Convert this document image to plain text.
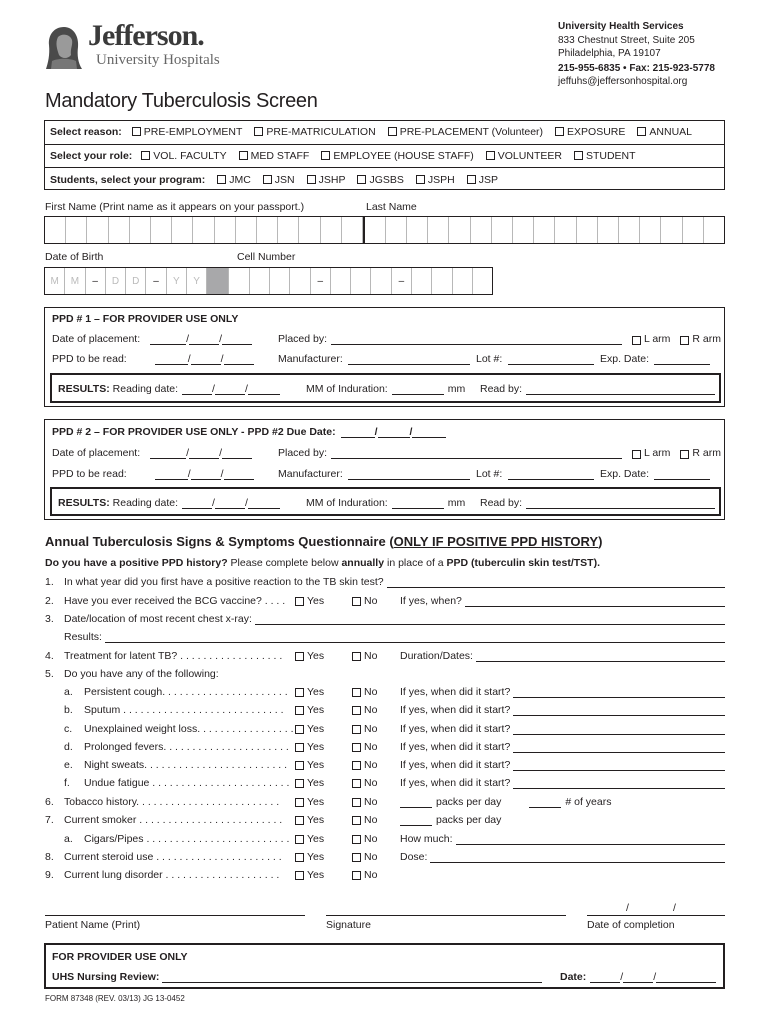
Jefferson.
University Hospitals
University Health Services
833 Chestnut Street, Suite 205
Philadelphia, PA 19107
215-955-6835 • Fax: 215-923-5778
jeffuhs@jeffersonhospital.org
Mandatory Tuberculosis Screen
Select reason:	PRE-EMPLOYMENT	PRE-MATRICULATION	PRE-PLACEMENT (Volunteer)	EXPOSURE	ANNUAL
Select your role:	VOL. FACULTY	MED STAFF	EMPLOYEE (HOUSE STAFF)	VOLUNTEER	STUDENT
Students, select your program:	JMC	JSN	JSHP	JGSBS	JSPH	JSP
First Name (Print name as it appears on your passport.)	Last Name
Date of Birth	Cell Number
M	M	–	D	D	–	Y	Y	–	–
PPD # 1 – FOR PROVIDER USE ONLY
Date of placement:	/	/	Placed by:	L arm R arm
PPD to be read:	/	/	Manufacturer:	Lot #:	Exp. Date:
RESULTS:
Reading date:	/	/	MM of Induration:	mm Read by:
PPD # 2 – FOR PROVIDER USE ONLY - PPD #2 Due Date:	/	/
Date of placement:	/	/	Placed by:	L arm R arm
PPD to be read:	/	/	Manufacturer:	Lot #:	Exp. Date:
RESULTS:
Reading date:	/	/	MM of Induration:	mm Read by:
Annual Tuberculosis Signs & Symptoms Questionnaire (ONLY IF POSITIVE PPD HISTORY)
Do you have a positive PPD history? Please complete below annually in place of a PPD (tuberculin skin test/TST).
1. In what year did you first have a positive reaction to the TB skin test?
2. Have you ever received the BCG vaccine? . . . .	Yes	No	If yes, when?
3. Date/location of most recent chest x-ray:
Results:
4. Treatment for latent TB? . . . . . . . . . . . . . . . . . .	Yes	No	Duration/Dates:
5. Do you have any of the following:
a.	Persistent cough. . . . . . . . . . . . . . . . . . . . . .	Yes	No	If yes, when did it start?
b.	Sputum . . . . . . . . . . . . . . . . . . . . . . . . . . . .	Yes	No	If yes, when did it start?
c.	Unexplained weight loss. . . . . . . . . . . . . . . . . Yes	No	If yes, when did it start?
d.	Prolonged fevers. . . . . . . . . . . . . . . . . . . . . .	Yes	No	If yes, when did it start?
e.	Night sweats. . . . . . . . . . . . . . . . . . . . . . . . .	Yes	No	If yes, when did it start?
f.	Undue fatigue . . . . . . . . . . . . . . . . . . . . . . . .	Yes	No	If yes, when did it start?
6. Tobacco history. . . . . . . . . . . . . . . . . . . . . . . . .	Yes	No	packs per day	# of years
7. Current smoker . . . . . . . . . . . . . . . . . . . . . . . . .	Yes	No	packs per day
a.	Cigars/Pipes . . . . . . . . . . . . . . . . . . . . . . . . .	Yes	No	How much:
8. Current steroid use . . . . . . . . . . . . . . . . . . . . . .	Yes	No	Dose:
9. Current lung disorder . . . . . . . . . . . . . . . . . . . .	Yes	No
Patient Name (Print)	Signature
/	/
Date of completion
FOR PROVIDER USE ONLY
UHS Nursing Review:	Date:	/	/
FORM 87348 (REV. 03/13) JG 13-0452
